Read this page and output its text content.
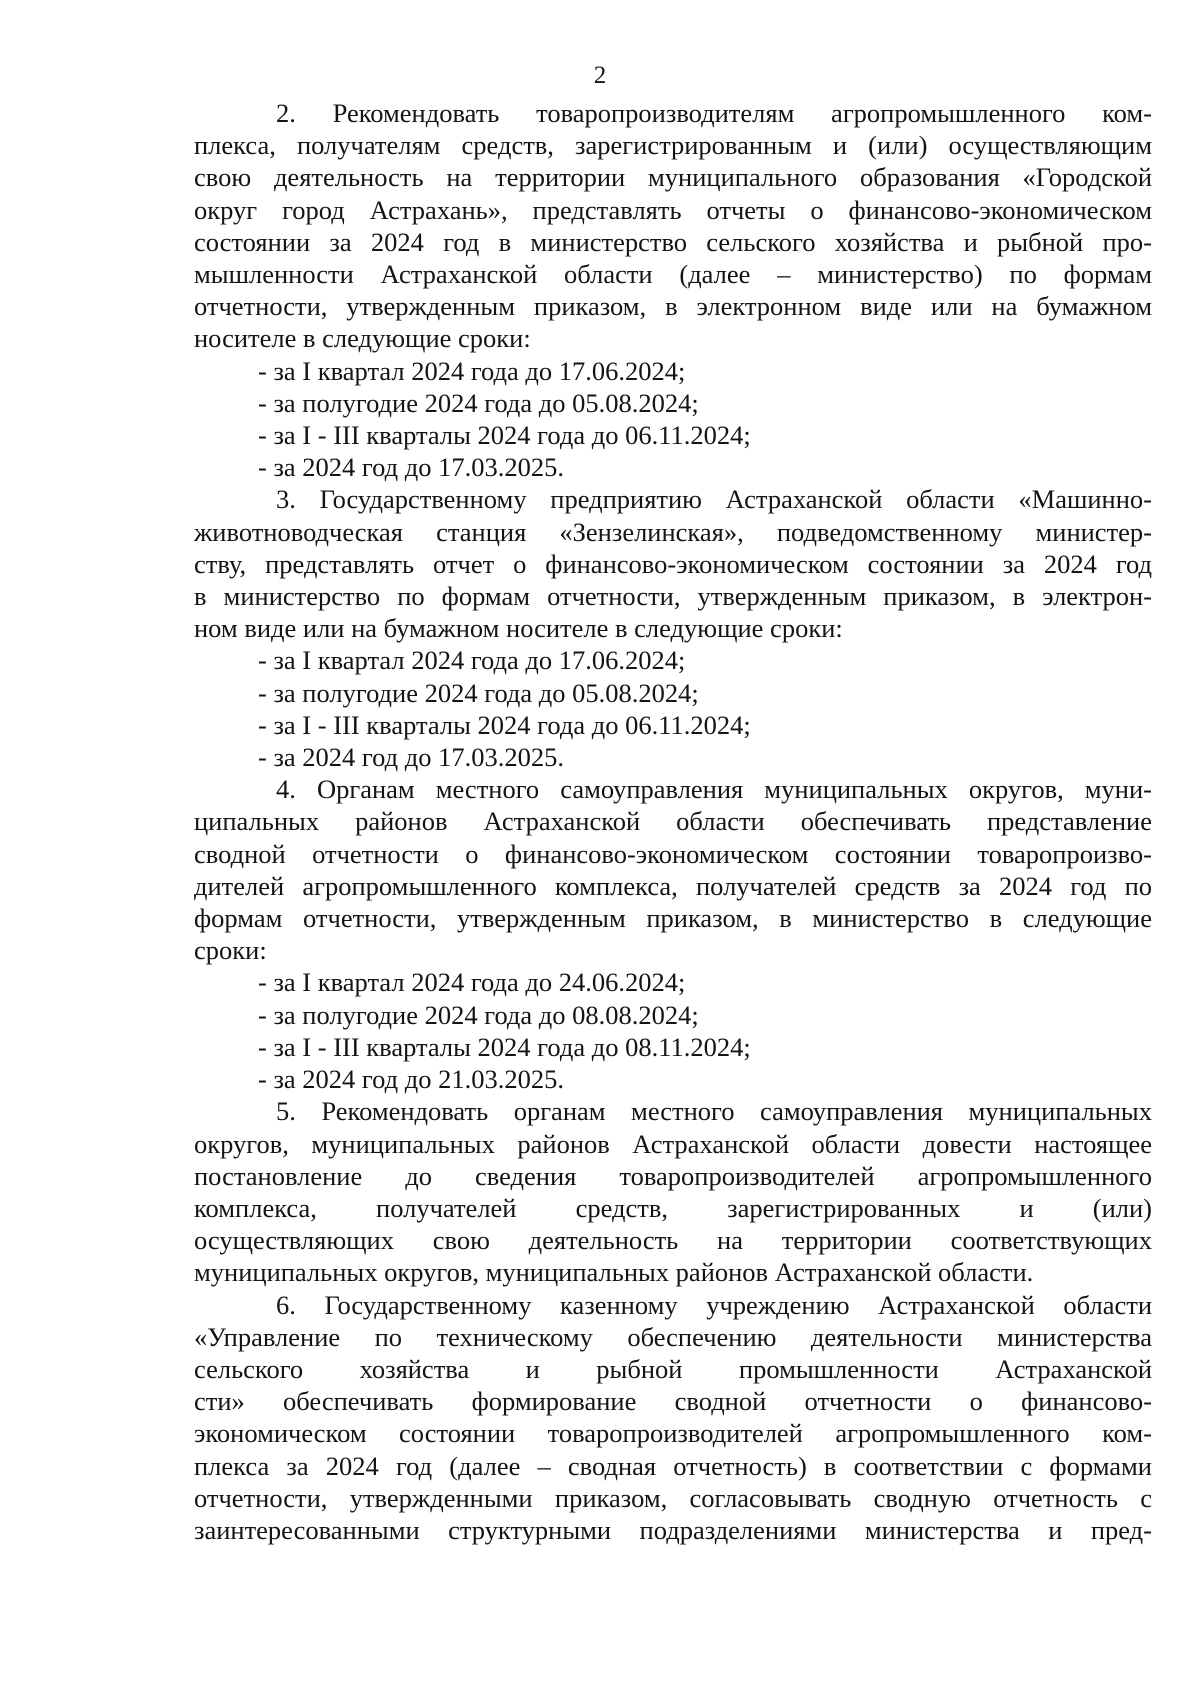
2
2. Рекомендовать товаропроизводителям агропромышленного ком-
плекса, получателям средств, зарегистрированным и (или) осуществляющим
свою деятельность на территории муниципального образования «Городской
округ город Астрахань», представлять отчеты о финансово-экономическом
состоянии за 2024 год в министерство сельского хозяйства и рыбной про-
мышленности Астраханской области (далее – министерство) по формам
отчетности, утвержденным приказом, в электронном виде или на бумажном
носителе в следующие сроки:
- за I квартал 2024 года до 17.06.2024;
- за полугодие 2024 года до 05.08.2024;
- за I - III кварталы 2024 года до 06.11.2024;
- за 2024 год до 17.03.2025.
3. Государственному предприятию Астраханской области «Машинно-
животноводческая станция «Зензелинская», подведомственному министер-
ству, представлять отчет о финансово-экономическом состоянии за 2024 год
в министерство по формам отчетности, утвержденным приказом, в электрон-
ном виде или на бумажном носителе в следующие сроки:
- за I квартал 2024 года до 17.06.2024;
- за полугодие 2024 года до 05.08.2024;
- за I - III кварталы 2024 года до 06.11.2024;
- за 2024 год до 17.03.2025.
4. Органам местного самоуправления муниципальных округов, муни-
ципальных районов Астраханской области обеспечивать представление
сводной отчетности о финансово-экономическом состоянии товаропроизво-
дителей агропромышленного комплекса, получателей средств за 2024 год по
формам отчетности, утвержденным приказом, в министерство в следующие
сроки:
- за I квартал 2024 года до 24.06.2024;
- за полугодие 2024 года до 08.08.2024;
- за I - III кварталы 2024 года до 08.11.2024;
- за 2024 год до 21.03.2025.
5. Рекомендовать органам местного самоуправления муниципальных
округов, муниципальных районов Астраханской области довести настоящее
постановление до сведения товаропроизводителей агропромышленного
комплекса, получателей средств, зарегистрированных и (или)
осуществляющих свою деятельность на территории соответствующих
муниципальных округов, муниципальных районов Астраханской области.
6. Государственному казенному учреждению Астраханской области
«Управление по техническому обеспечению деятельности министерства
сельского хозяйства и рыбной промышленности Астраханской
сти» обеспечивать формирование сводной отчетности о финансово-
экономическом состоянии товаропроизводителей агропромышленного ком-
плекса за 2024 год (далее – сводная отчетность) в соответствии с формами
отчетности, утвержденными приказом, согласовывать сводную отчетность с
заинтересованными структурными подразделениями министерства и пред-
